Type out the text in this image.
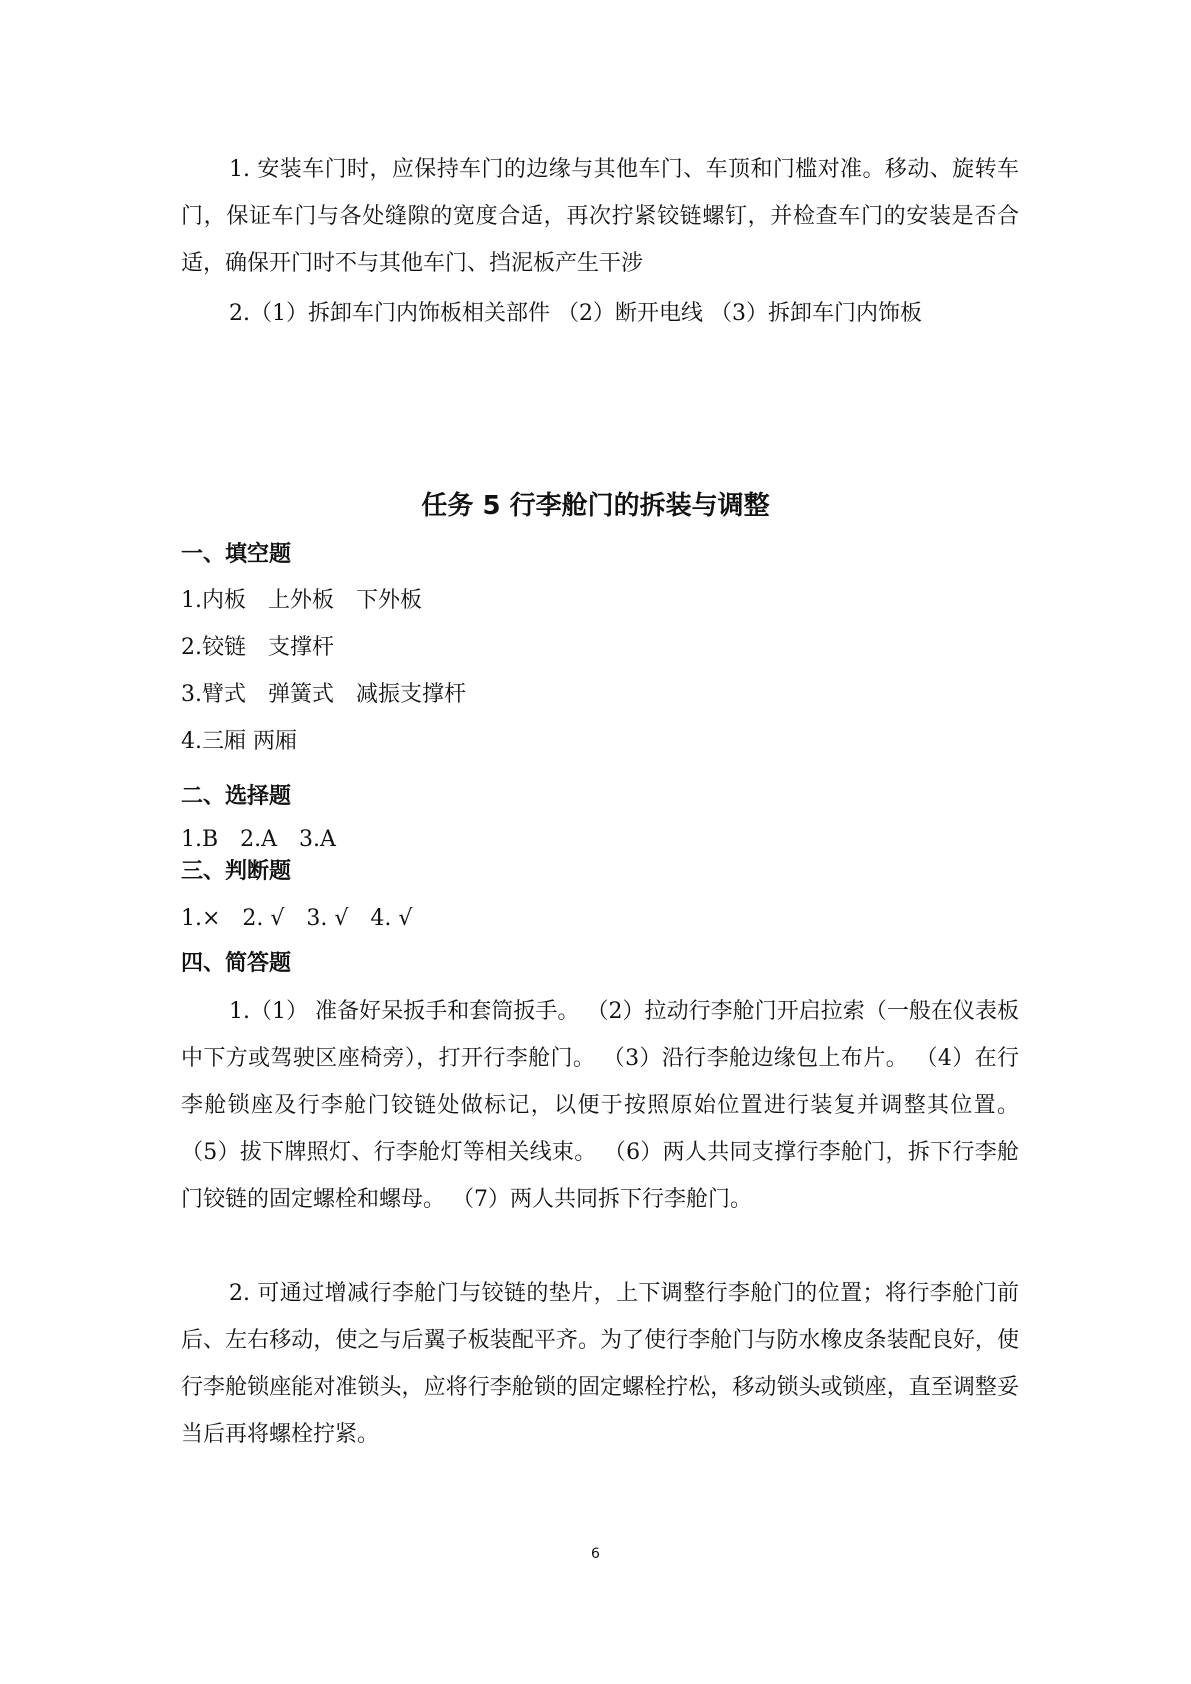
1. 安装车门时，应保持车门的边缘与其他车门、车顶和门槛对准。移动、旋转车门，保证车门与各处缝隙的宽度合适，再次拧紧铰链螺钉，并检查车门的安装是否合适，确保开门时不与其他车门、挡泥板产生干涉
2.（1）拆卸车门内饰板相关部件 （2）断开电线 （3）拆卸车门内饰板
任务 5 行李舱门的拆装与调整
一、填空题
1.内板　上外板　下外板
2.铰链　支撑杆
3.臂式　弹簧式　减振支撑杆
4.三厢 两厢
二、选择题
1.B　2.A　3.A
三、判断题
1.×　2. √　3. √　4. √
四、简答题
1.（1） 准备好呆扳手和套筒扳手。 （2）拉动行李舱门开启拉索（一般在仪表板中下方或驾驶区座椅旁），打开行李舱门。 （3）沿行李舱边缘包上布片。 （4）在行李舱锁座及行李舱门铰链处做标记，以便于按照原始位置进行装复并调整其位置。 （5）拔下牌照灯、行李舱灯等相关线束。 （6）两人共同支撑行李舱门，拆下行李舱门铰链的固定螺栓和螺母。 （7）两人共同拆下行李舱门。
2. 可通过增减行李舱门与铰链的垫片，上下调整行李舱门的位置；将行李舱门前后、左右移动，使之与后翼子板装配平齐。为了使行李舱门与防水橡皮条装配良好，使行李舱锁座能对准锁头，应将行李舱锁的固定螺栓拧松，移动锁头或锁座，直至调整妥当后再将螺栓拧紧。
6
